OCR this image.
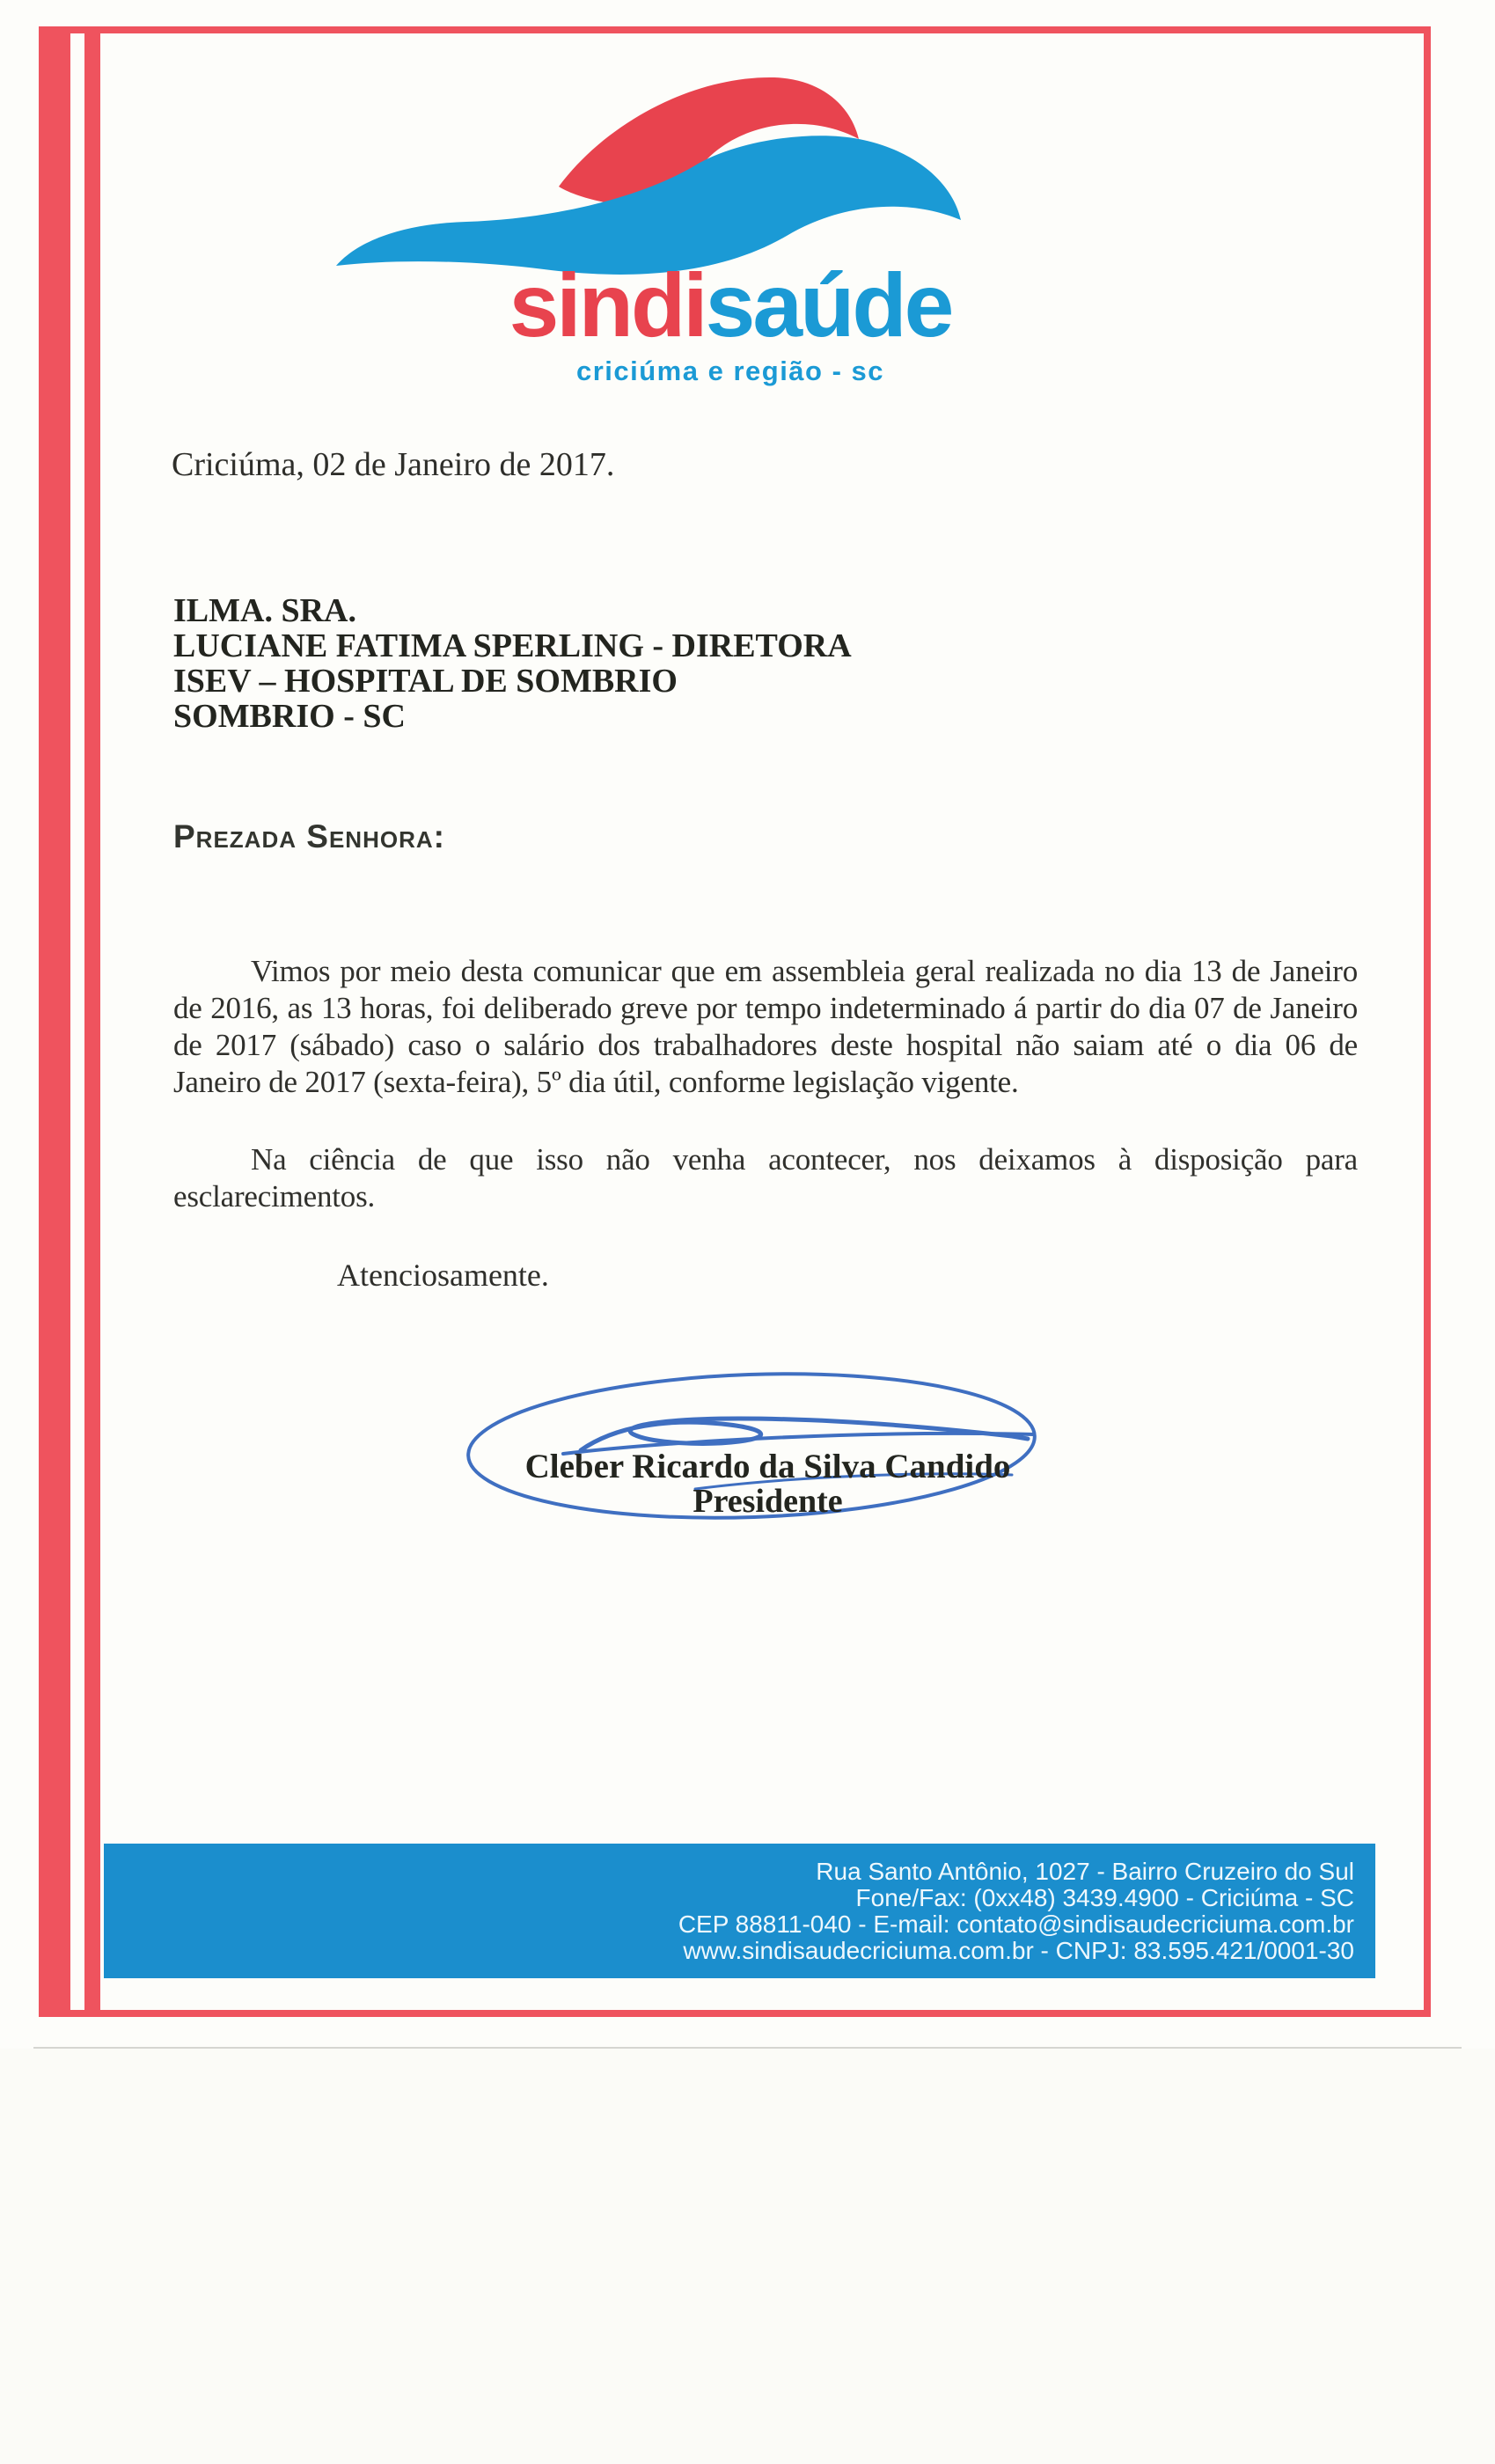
sindisaúde
criciúma e região - sc
Criciúma, 02 de Janeiro de 2017.
ILMA. SRA.
LUCIANE FATIMA SPERLING - DIRETORA
ISEV – HOSPITAL DE SOMBRIO
SOMBRIO - SC
Prezada Senhora:

Vimos por meio desta comunicar que em assembleia geral realizada no dia 13 de Janeiro de 2016, as 13 horas, foi deliberado greve por tempo indeterminado á partir do dia 07 de Janeiro de 2017 (sábado) caso o salário dos trabalhadores deste hospital não saiam até o dia 06 de Janeiro de 2017 (sexta-feira), 5º dia útil, conforme legislação vigente.

Na ciência de que isso não venha acontecer, nos deixamos à disposição para esclarecimentos.

Atenciosamente.
Cleber Ricardo da Silva Candido
Presidente
Rua Santo Antônio, 1027 - Bairro Cruzeiro do Sul
Fone/Fax: (0xx48) 3439.4900 - Criciúma - SC
CEP 88811-040 - E-mail: contato@sindisaudecriciuma.com.br
www.sindisaudecriciuma.com.br - CNPJ: 83.595.421/0001-30
